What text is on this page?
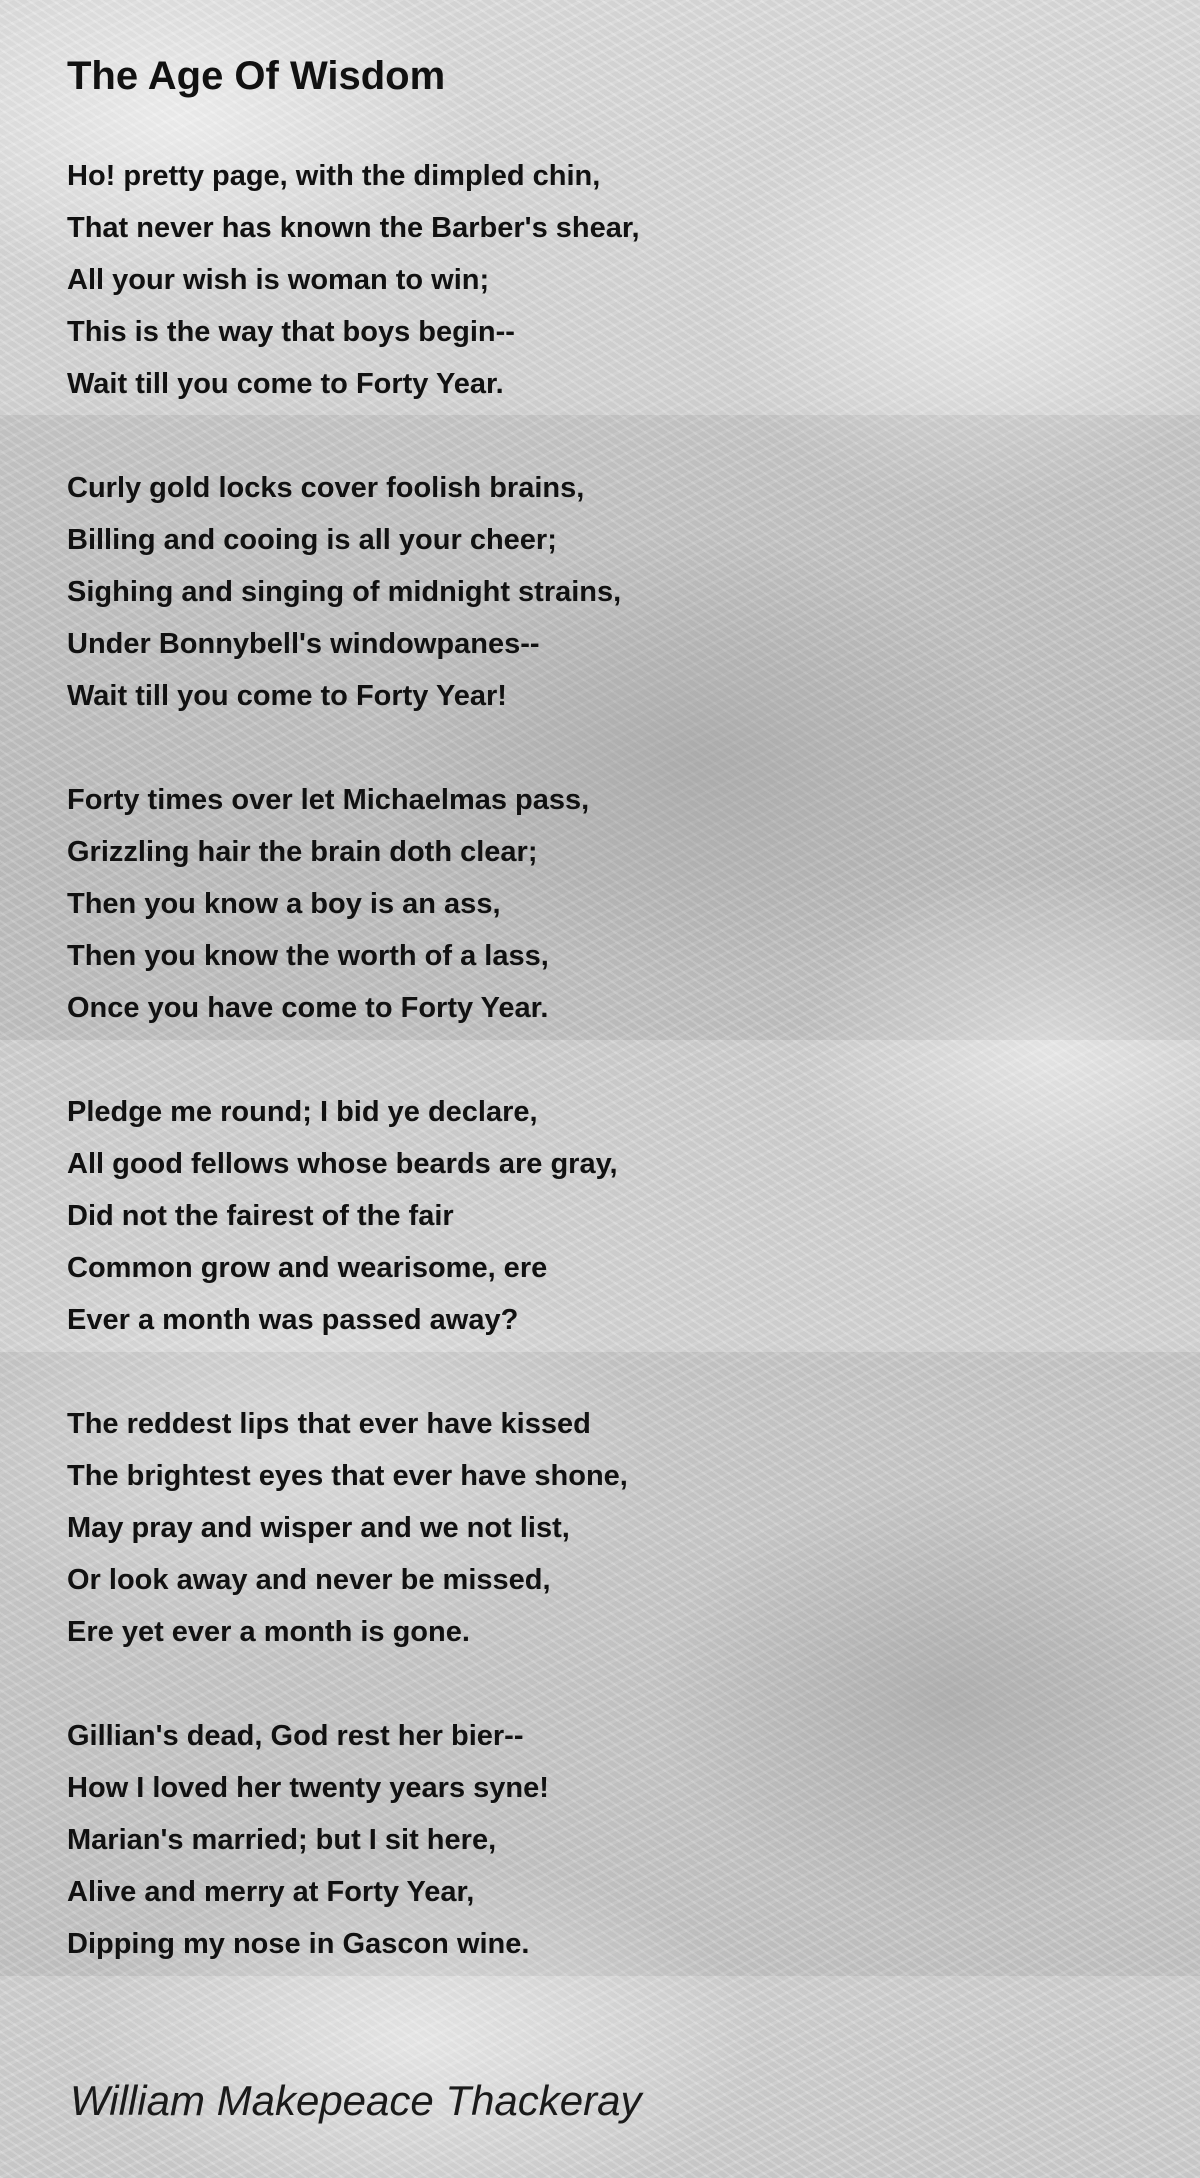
The Age Of Wisdom
Ho! pretty page, with the dimpled chin,
That never has known the Barber's shear,
All your wish is woman to win;
This is the way that boys begin--
Wait till you come to Forty Year.
Curly gold locks cover foolish brains,
Billing and cooing is all your cheer;
Sighing and singing of midnight strains,
Under Bonnybell's windowpanes--
Wait till you come to Forty Year!
Forty times over let Michaelmas pass,
Grizzling hair the brain doth clear;
Then you know a boy is an ass,
Then you know the worth of a lass,
Once you have come to Forty Year.
Pledge me round; I bid ye declare,
All good fellows whose beards are gray,
Did not the fairest of the fair
Common grow and wearisome, ere
Ever a month was passed away?
The reddest lips that ever have kissed
The brightest eyes that ever have shone,
May pray and wisper and we not list,
Or look away and never be missed,
Ere yet ever a month is gone.
Gillian's dead, God rest her bier--
How I loved her twenty years syne!
Marian's married; but I sit here,
Alive and merry at Forty Year,
Dipping my nose in Gascon wine.
William Makepeace Thackeray
